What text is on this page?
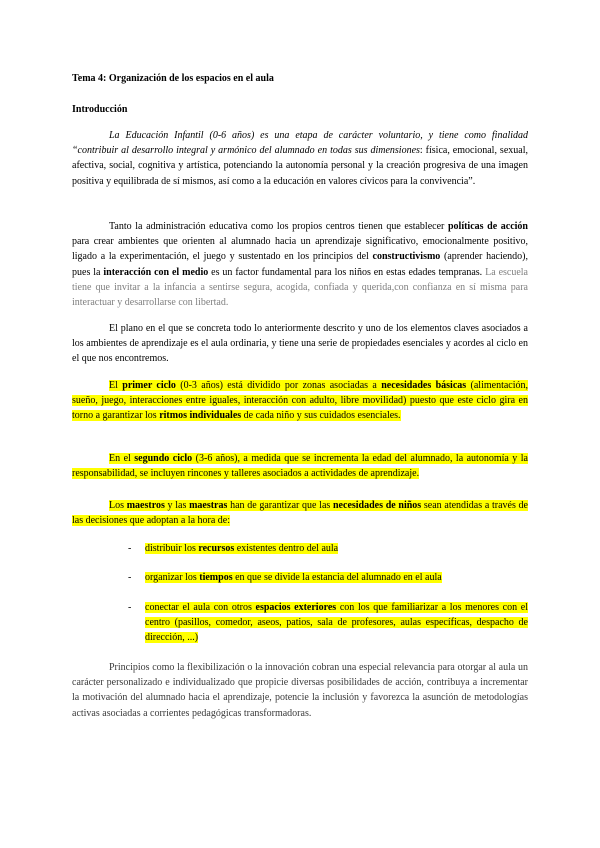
Tema 4: Organización de los espacios en el aula

Introducción

La Educación Infantil (0-6 años) es una etapa de carácter voluntario, y tiene como finalidad “contribuir al desarrollo integral y armónico del alumnado en todas sus dimensiones: física, emocional, sexual, afectiva, social, cognitiva y artística, potenciando la autonomía personal y la creación progresiva de una imagen positiva y equilibrada de sí mismos, así como a la educación en valores cívicos para la convivencia”.

Tanto la administración educativa como los propios centros tienen que establecer políticas de acción para crear ambientes que orienten al alumnado hacia un aprendizaje significativo, emocionalmente positivo, ligado a la experimentación, el juego y sustentado en los principios del constructivismo (aprender haciendo), pues la interacción con el medio es un factor fundamental para los niños en estas edades tempranas. La escuela tiene que invitar a la infancia a sentirse segura, acogida, confiada y querida,con confianza en sí misma para interactuar y desarrollarse con libertad.

El plano en el que se concreta todo lo anteriormente descrito y uno de los elementos claves asociados a los ambientes de aprendizaje es el aula ordinaria, y tiene una serie de propiedades esenciales y acordes al ciclo en el que nos encontremos.

El primer ciclo (0-3 años) está dividido por zonas asociadas a necesidades básicas (alimentación, sueño, juego, interacciones entre iguales, interacción con adulto, libre movilidad) puesto que este ciclo gira en torno a garantizar los ritmos individuales de cada niño y sus cuidados esenciales.

En el segundo ciclo (3-6 años), a medida que se incrementa la edad del alumnado, la autonomía y la responsabilidad, se incluyen rincones y talleres asociados a actividades de aprendizaje.

Los maestros y las maestras han de garantizar que las necesidades de niños sean atendidas a través de las decisiones que adoptan a la hora de:

- distribuir los recursos existentes dentro del aula
- organizar los tiempos en que se divide la estancia del alumnado en el aula
- conectar el aula con otros espacios exteriores con los que familiarizar a los menores con el centro (pasillos, comedor, aseos, patios, sala de profesores, aulas específicas, despacho de dirección, ...)

Principios como la flexibilización o la innovación cobran una especial relevancia para otorgar al aula un carácter personalizado e individualizado que propicie diversas posibilidades de acción, contribuya a incrementar la motivación del alumnado hacia el aprendizaje, potencie la inclusión y favorezca la asunción de metodologías activas asociadas a corrientes pedagógicas transformadoras.
